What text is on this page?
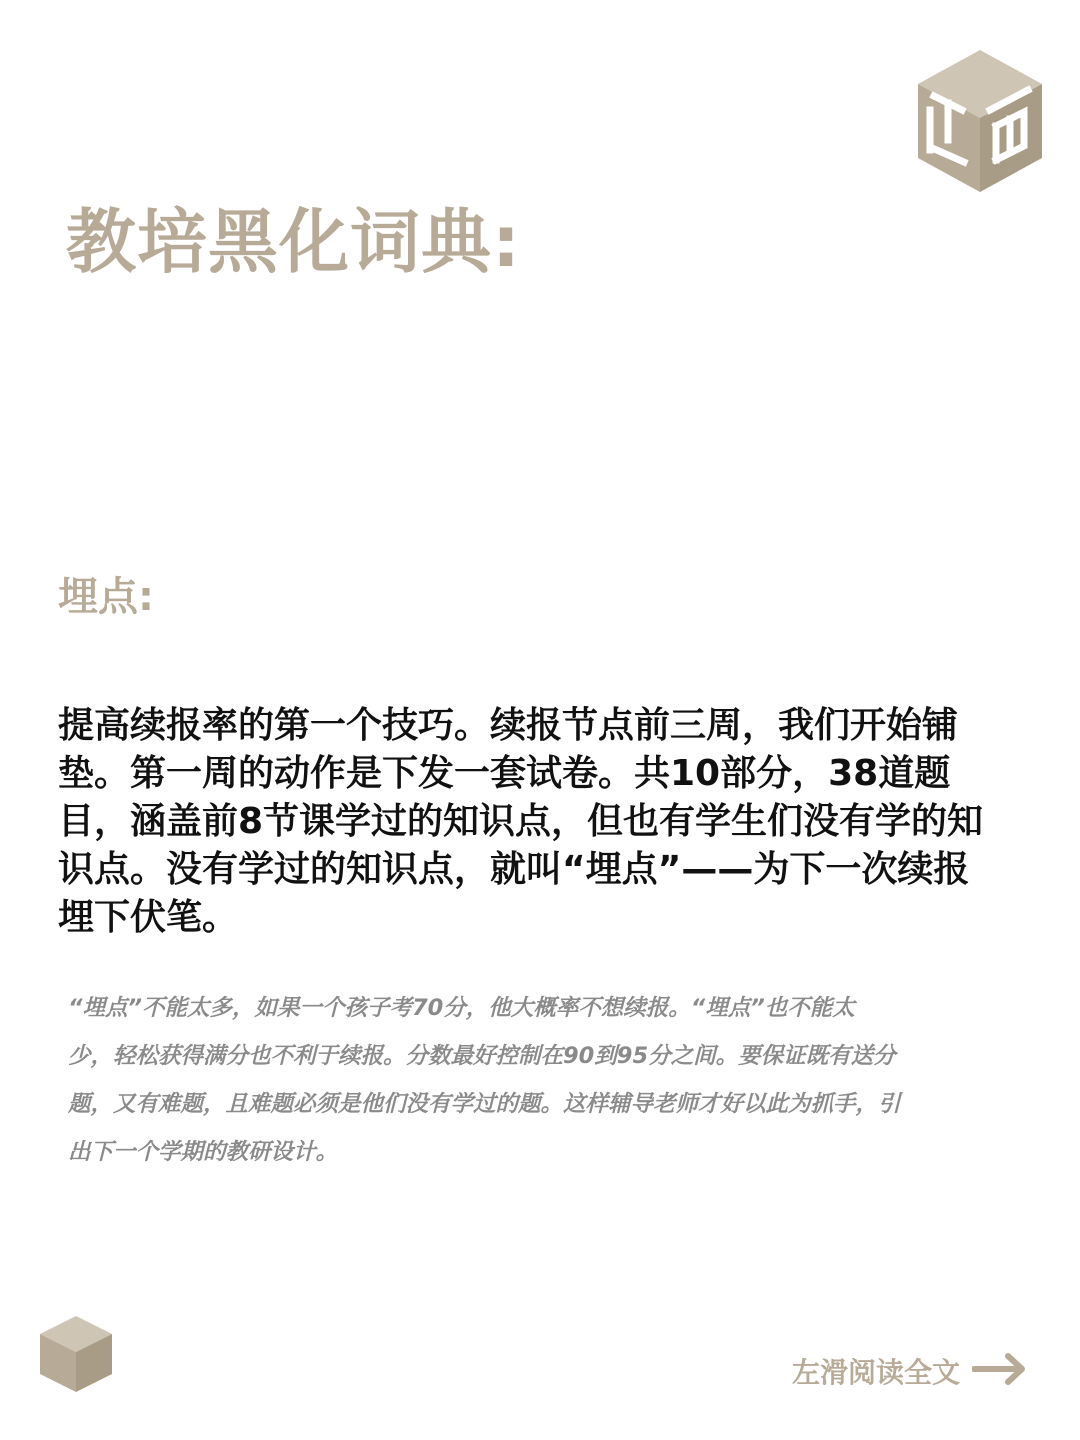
教培黑化词典:
埋点:
提高续报率的第一个技巧。续报节点前三周，我们开始铺
垫。第一周的动作是下发一套试卷。共10部分，38道题
目，涵盖前8节课学过的知识点，但也有学生们没有学的知
识点。没有学过的知识点，就叫“埋点”——为下一次续报
埋下伏笔。
“埋点”不能太多，如果一个孩子考70分，他大概率不想续报。“埋点”也不能太
少，轻松获得满分也不利于续报。分数最好控制在90到95分之间。要保证既有送分
题，又有难题，且难题必须是他们没有学过的题。这样辅导老师才好以此为抓手，引
出下一个学期的教研设计。
左滑阅读全文
